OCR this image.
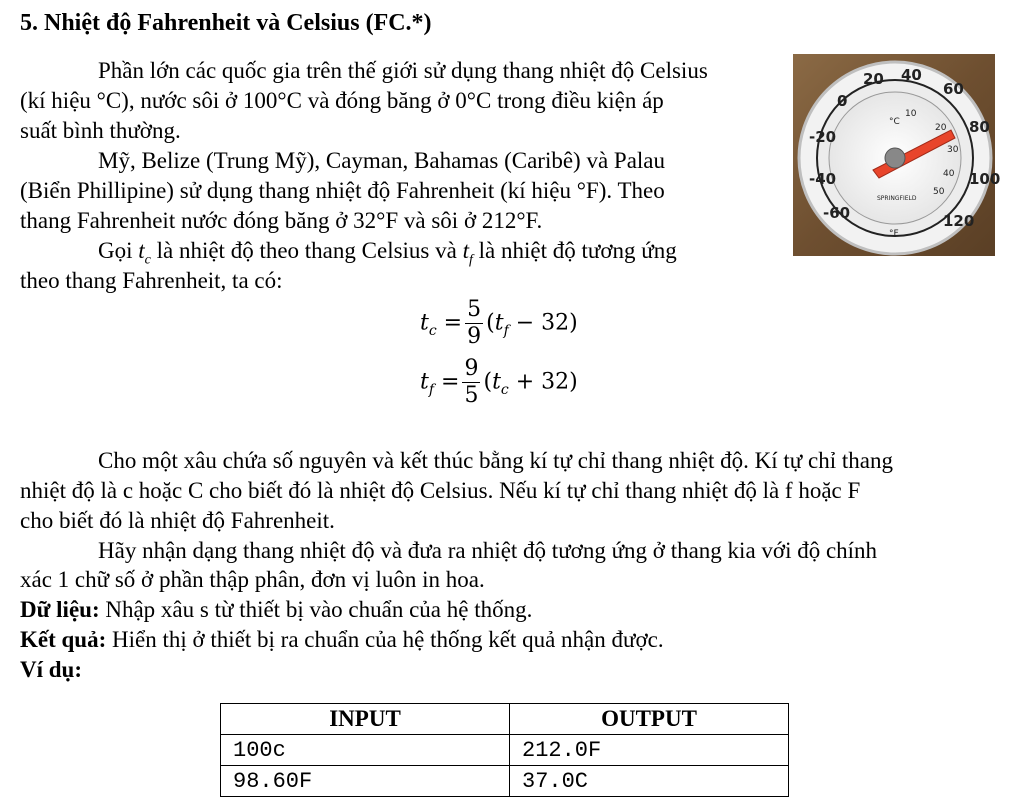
5. Nhiệt độ Fahrenheit và Celsius (FC.*)
Phần lớn các quốc gia trên thế giới sử dụng thang nhiệt độ Celsius
(kí hiệu °C), nước sôi ở 100°C và đóng băng ở 0°C trong điều kiện áp
suất bình thường.
Mỹ, Belize (Trung Mỹ), Cayman, Bahamas (Caribê) và Palau
(Biển Phillipine) sử dụng thang nhiệt độ Fahrenheit (kí hiệu °F). Theo
thang Fahrenheit nước đóng băng ở 32°F và sôi ở 212°F.
Gọi $t_c$ là nhiệt độ theo thang Celsius và $t_f$ là nhiệt độ tương ứng
theo thang Fahrenheit, ta có:
$t_c = \frac{5}{9} (t_f - 32)$
$t_f = \frac{9}{5} (t_c + 32)$
20 40
60
80
100
120
-20
-40
-60
0
10
20
30
40
50
°C
°F
SPRINGFIELD
Cho một xâu chứa số nguyên và kết thúc bằng kí tự chỉ thang nhiệt độ. Kí tự chỉ thang
nhiệt độ là c hoặc C cho biết đó là nhiệt độ Celsius. Nếu kí tự chỉ thang nhiệt độ là f hoặc F
cho biết đó là nhiệt độ Fahrenheit.
Hãy nhận dạng thang nhiệt độ và đưa ra nhiệt độ tương ứng ở thang kia với độ chính
xác 1 chữ số ở phần thập phân, đơn vị luôn in hoa.
Dữ liệu: Nhập xâu s từ thiết bị vào chuẩn của hệ thống.
Kết quả: Hiển thị ở thiết bị ra chuẩn của hệ thống kết quả nhận được.
Ví dụ:
INPUT	OUTPUT
100c	212.0F
98.60F	37.0C
